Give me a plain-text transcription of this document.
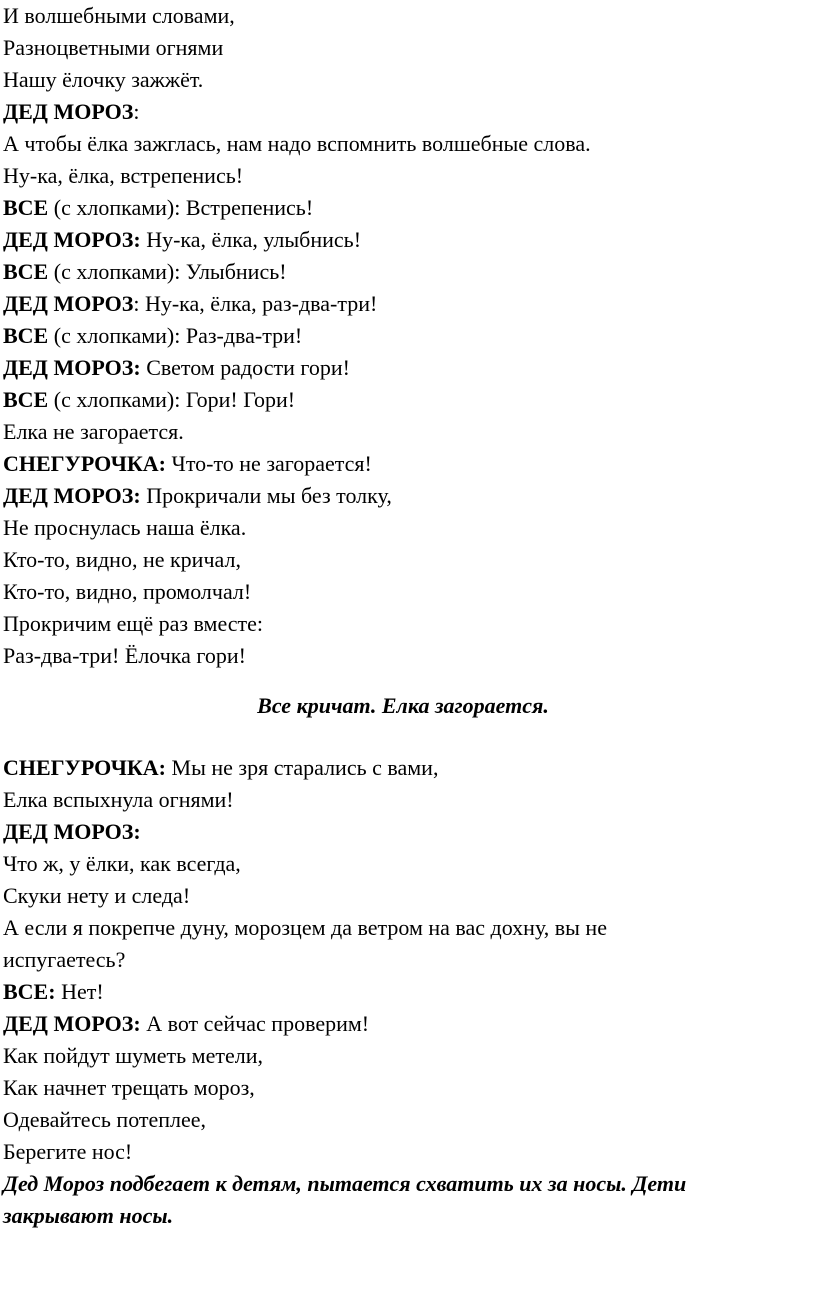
И волшебными словами,
Разноцветными огнями
Нашу ёлочку зажжёт.
ДЕД МОРОЗ:
А чтобы ёлка зажглась, нам надо вспомнить волшебные слова.
Ну-ка, ёлка, встрепенись!
ВСЕ (с хлопками): Встрепенись!
ДЕД МОРОЗ: Ну-ка, ёлка, улыбнись!
ВСЕ (с хлопками): Улыбнись!
ДЕД МОРОЗ: Ну-ка, ёлка, раз-два-три!
ВСЕ (с хлопками): Раз-два-три!
ДЕД МОРОЗ: Светом радости гори!
ВСЕ (с хлопками): Гори! Гори!
Елка не загорается.
СНЕГУРОЧКА: Что-то не загорается!
ДЕД МОРОЗ: Прокричали мы без толку,
Не проснулась наша ёлка.
Кто-то, видно, не кричал,
Кто-то, видно, промолчал!
Прокричим ещё раз вместе:
Раз-два-три! Ёлочка гори!
Все кричат. Елка загорается.
СНЕГУРОЧКА: Мы не зря старались с вами,
Елка вспыхнула огнями!
ДЕД МОРОЗ:
Что ж, у ёлки, как всегда,
Скуки нету и следа!
А если я покрепче дуну, морозцем да ветром на вас дохну, вы не
испугаетесь?
ВСЕ: Нет!
ДЕД МОРОЗ: А вот сейчас проверим!
Как пойдут шуметь метели,
Как начнет трещать мороз,
Одевайтесь потеплее,
Берегите нос!
Дед Мороз подбегает к детям, пытается схватить их за носы. Дети
закрывают носы.
